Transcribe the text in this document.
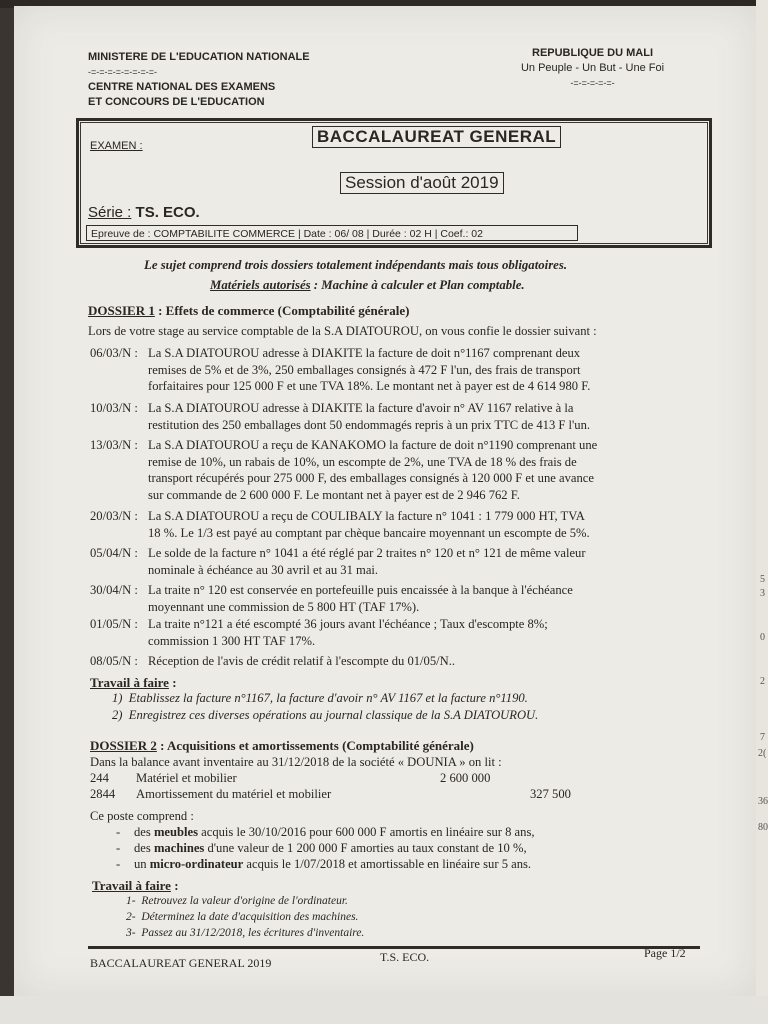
5
3
0
2
7
2(
36
80
MINISTERE DE L'EDUCATION NATIONALE
-=-=-=-=-=-=-=-=-
CENTRE NATIONAL DES EXAMENS
ET CONCOURS DE L'EDUCATION
REPUBLIQUE DU MALI
Un Peuple - Un But - Une Foi
-=-=-=-=-=-
EXAMEN :	BACCALAUREAT GENERAL
Session d'août 2019
Série : TS. ECO.
Epreuve de : COMPTABILITE COMMERCE | Date : 06/ 08 | Durée : 02 H | Coef.: 02
Le sujet comprend trois dossiers totalement indépendants mais tous obligatoires.
Matériels autorisés : Machine à calculer et Plan comptable.
DOSSIER 1 : Effets de commerce (Comptabilité générale)
Lors de votre stage au service comptable de la S.A DIATOUROU, on vous confie le dossier suivant :
06/03/N : La S.A DIATOUROU adresse à DIAKITE la facture de doit n°1167 comprenant deux
remises de 5% et de 3%, 250 emballages consignés à 472 F l'un, des frais de transport
forfaitaires pour 125 000 F et une TVA 18%. Le montant net à payer est de 4 614 980 F.
10/03/N : La S.A DIATOUROU adresse à DIAKITE la facture d'avoir n° AV 1167 relative à la
restitution des 250 emballages dont 50 endommagés repris à un prix TTC de 413 F l'un.
13/03/N : La S.A DIATOUROU a reçu de KANAKOMO la facture de doit n°1190 comprenant une
remise de 10%, un rabais de 10%, un escompte de 2%, une TVA de 18 % des frais de
transport récupérés pour 275 000 F, des emballages consignés à 120 000 F et une avance
sur commande de 2 600 000 F. Le montant net à payer est de 2 946 762 F.
20/03/N : La S.A DIATOUROU a reçu de COULIBALY la facture n° 1041 : 1 779 000 HT, TVA
18 %. Le 1/3 est payé au comptant par chèque bancaire moyennant un escompte de 5%.
05/04/N : Le solde de la facture n° 1041 a été réglé par 2 traites n° 120 et n° 121 de même valeur
nominale à échéance au 30 avril et au 31 mai.
30/04/N : La traite n° 120 est conservée en portefeuille puis encaissée à la banque à l'échéance
moyennant une commission de 5 800 HT (TAF 17%).
01/05/N : La traite n°121 a été escompté 36 jours avant l'échéance ; Taux d'escompte 8%;
commission 1 300 HT TAF 17%.
08/05/N : Réception de l'avis de crédit relatif à l'escompte du 01/05/N..
Travail à faire :
1) Etablissez la facture n°1167, la facture d'avoir n° AV 1167 et la facture n°1190.
2) Enregistrez ces diverses opérations au journal classique de la S.A DIATOUROU.
DOSSIER 2 : Acquisitions et amortissements (Comptabilité générale)
Dans la balance avant inventaire au 31/12/2018 de la société « DOUNIA » on lit :
244 Matériel et mobilier	2 600 000
2844 Amortissement du matériel et mobilier	327 500
Ce poste comprend :
- des meubles acquis le 30/10/2016 pour 600 000 F amortis en linéaire sur 8 ans,
- des machines d'une valeur de 1 200 000 F amorties au taux constant de 10 %,
- un micro-ordinateur acquis le 1/07/2018 et amortissable en linéaire sur 5 ans.
Travail à faire :
1- Retrouvez la valeur d'origine de l'ordinateur.
2- Déterminez la date d'acquisition des machines.
3- Passez au 31/12/2018, les écritures d'inventaire.
BACCALAUREAT GENERAL 2019	T.S. ECO.	Page 1/2
